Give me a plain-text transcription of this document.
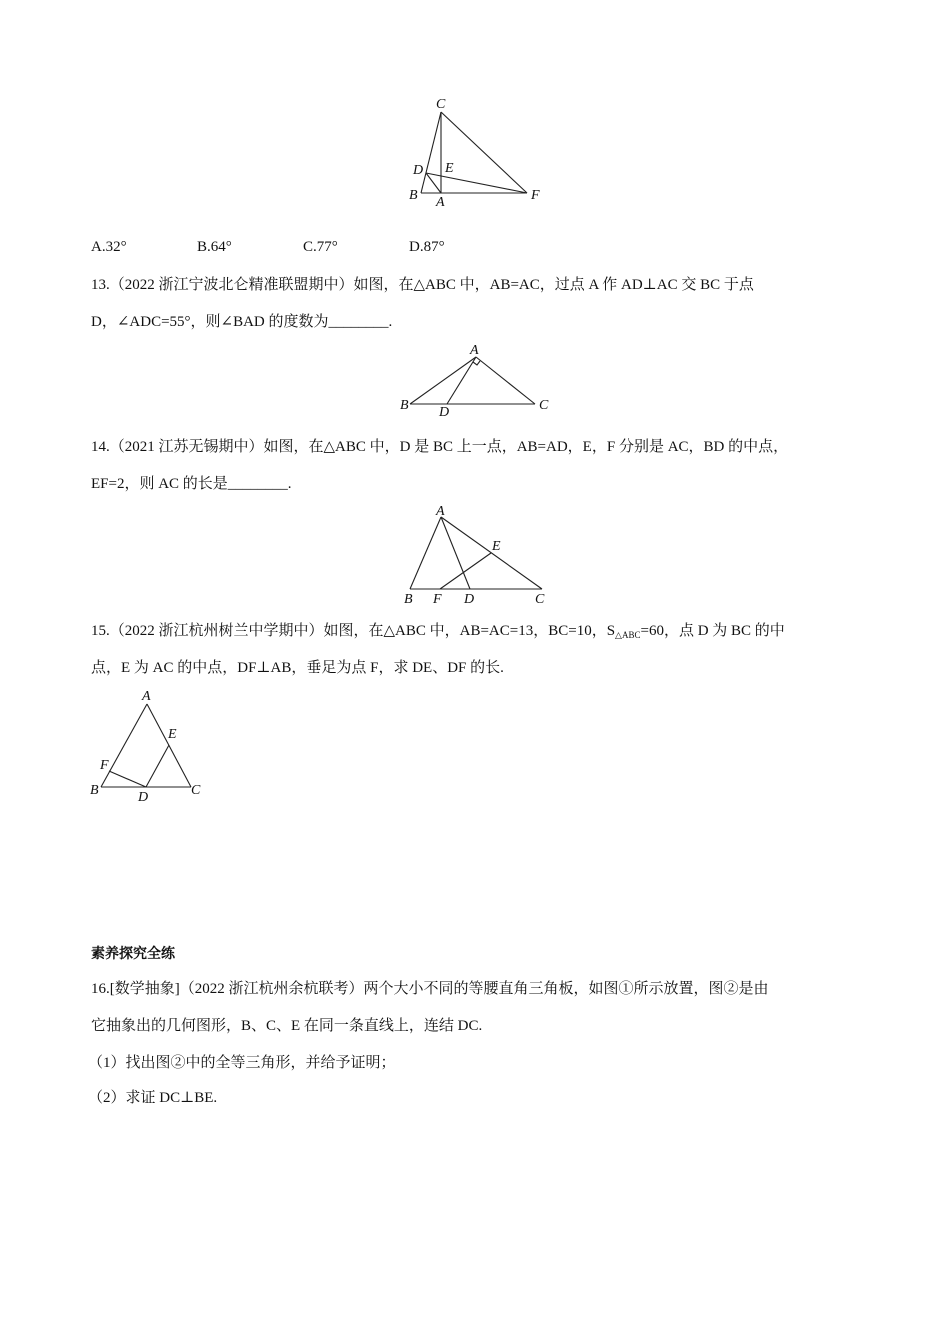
C
D E
B A	F
A.32°	B.64°	C.77°	D.87°
13.（2022 浙江宁波北仑精准联盟期中）如图，在△ABC 中，AB=AC，过点 A 作 AD⊥AC 交 BC 于点
D，∠ADC=55°，则∠BAD 的度数为________.
A
B D	C
14.（2021 江苏无锡期中）如图，在△ABC 中，D 是 BC 上一点，AB=AD，E，F 分别是 AC，BD 的中点，
EF=2，则 AC 的长是________.
A
E
B F D	C
15.（2022 浙江杭州树兰中学期中）如图，在△ABC 中，AB=AC=13，BC=10，$S_{\triangle ABC}=60$，点 D 为 BC 的中
点，E 为 AC 的中点，DF⊥AB，垂足为点 F，求 DE、DF 的长.
A
E
F
B	D	C
素养探究全练
16.[数学抽象]（2022 浙江杭州余杭联考）两个大小不同的等腰直角三角板，如图①所示放置，图②是由
它抽象出的几何图形，B、C、E 在同一条直线上，连结 DC.
（1）找出图②中的全等三角形，并给予证明；
（2）求证 DC⊥BE.
